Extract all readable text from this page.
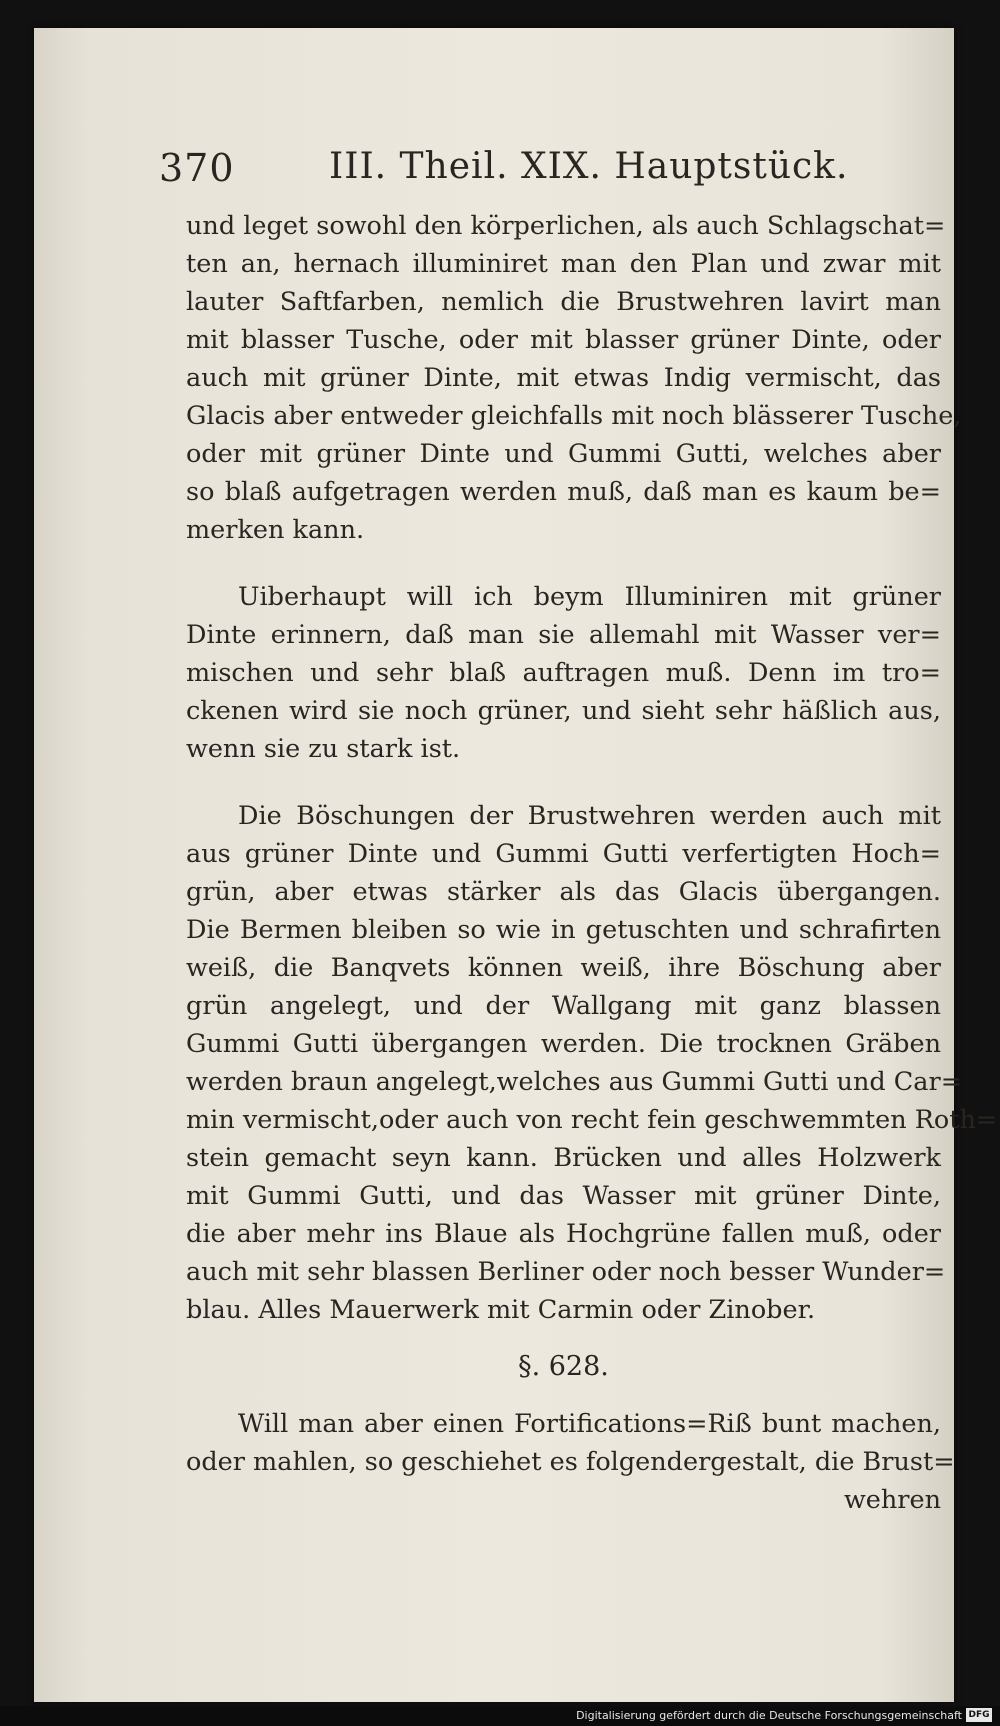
370	III. Theil. XIX. Hauptstück.
und leget sowohl den körperlichen, als auch Schlagschat=
ten an, hernach illuminiret man den Plan und zwar mit
lauter Saftfarben, nemlich die Brustwehren lavirt man
mit blasser Tusche, oder mit blasser grüner Dinte, oder
auch mit grüner Dinte, mit etwas Indig vermischt, das
Glacis aber entweder gleichfalls mit noch blässerer Tusche,
oder mit grüner Dinte und Gummi Gutti, welches aber
so blaß aufgetragen werden muß, daß man es kaum be=
merken kann.
Uiberhaupt will ich beym Illuminiren mit grüner
Dinte erinnern, daß man sie allemahl mit Wasser ver=
mischen und sehr blaß auftragen muß. Denn im tro=
ckenen wird sie noch grüner, und sieht sehr häßlich aus,
wenn sie zu stark ist.
Die Böschungen der Brustwehren werden auch mit
aus grüner Dinte und Gummi Gutti verfertigten Hoch=
grün, aber etwas stärker als das Glacis übergangen.
Die Bermen bleiben so wie in getuschten und schrafirten
weiß, die Banqvets können weiß, ihre Böschung aber
grün angelegt, und der Wallgang mit ganz blassen
Gummi Gutti übergangen werden. Die trocknen Gräben
werden braun angelegt,welches aus Gummi Gutti und Car=
min vermischt,oder auch von recht fein geschwemmten Roth=
stein gemacht seyn kann. Brücken und alles Holzwerk
mit Gummi Gutti, und das Wasser mit grüner Dinte,
die aber mehr ins Blaue als Hochgrüne fallen muß, oder
auch mit sehr blassen Berliner oder noch besser Wunder=
blau. Alles Mauerwerk mit Carmin oder Zinober.
§. 628.
Will man aber einen Fortifications=Riß bunt machen,
oder mahlen, so geschiehet es folgendergestalt, die Brust=
wehren
Digitalisierung gefördert durch die Deutsche Forschungsgemeinschaft DFG
